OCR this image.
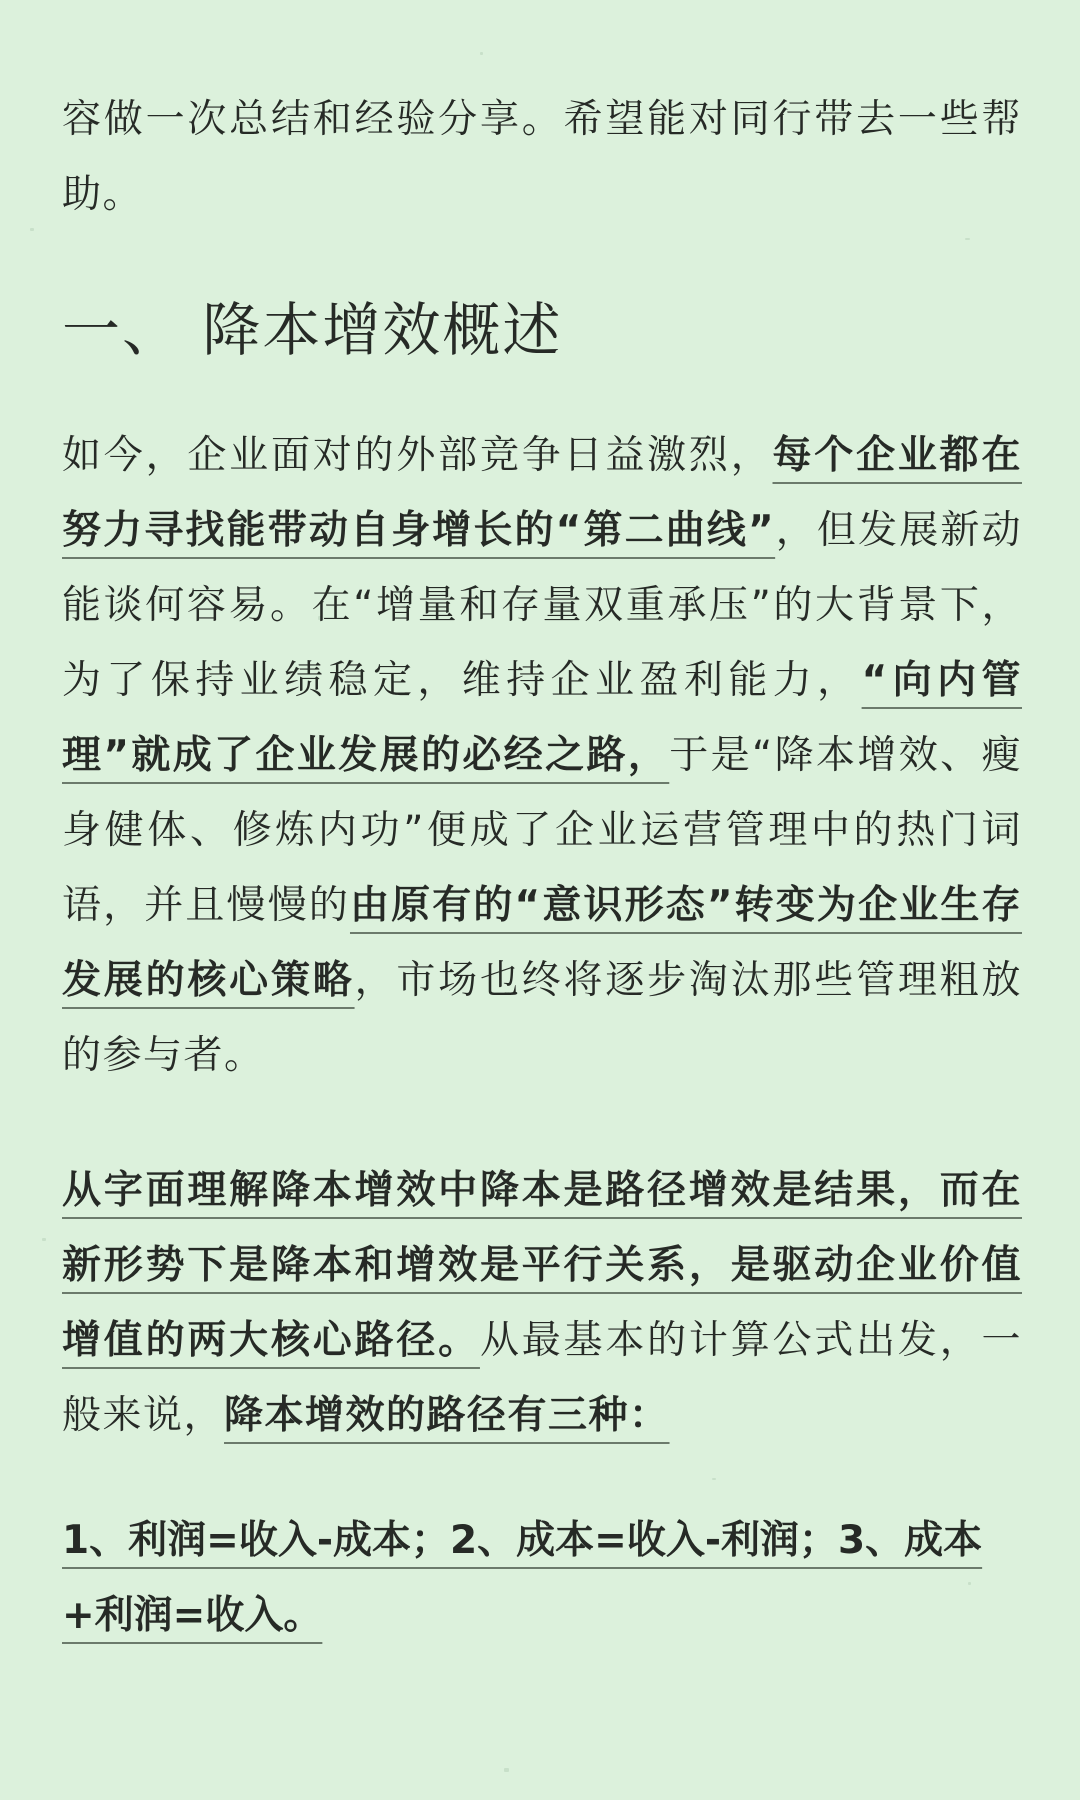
容做一次总结和经验分享。希望能对同行带去一些帮助。

一、 降本增效概述

如今，企业面对的外部竞争日益激烈，每个企业都在努力寻找能带动自身增长的“第二曲线”，但发展新动能谈何容易。在“增量和存量双重承压”的大背景下，为了保持业绩稳定，维持企业盈利能力，“向内管理”就成了企业发展的必经之路，于是“降本增效、瘦身健体、修炼内功”便成了企业运营管理中的热门词语，并且慢慢的由原有的“意识形态”转变为企业生存发展的核心策略，市场也终将逐步淘汰那些管理粗放的参与者。

从字面理解降本增效中降本是路径增效是结果，而在新形势下是降本和增效是平行关系，是驱动企业价值增值的两大核心路径。从最基本的计算公式出发，一般来说，降本增效的路径有三种：

1、利润=收入-成本；2、成本=收入-利润；3、成本+利润=收入。
